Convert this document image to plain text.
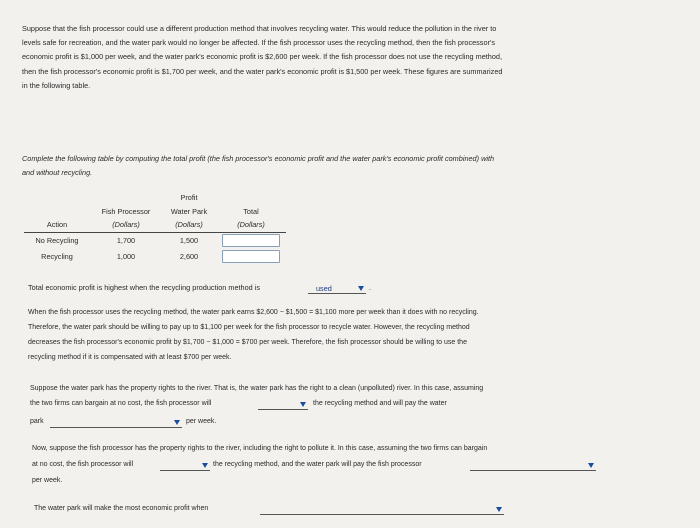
Suppose that the fish processor could use a different production method that involves recycling water. This would reduce the pollution in the river to
levels safe for recreation, and the water park would no longer be affected. If the fish processor uses the recycling method, then the fish processor's
economic profit is $1,000 per week, and the water park's economic profit is $2,600 per week. If the fish processor does not use the recycling method,
then the fish processor's economic profit is $1,700 per week, and the water park's economic profit is $1,500 per week. These figures are summarized
in the following table.
Complete the following table by computing the total profit (the fish processor's economic profit and the water park's economic profit combined) with
and without recycling.
		Profit	
	Fish Processor	Water Park	Total
Action	(Dollars)	(Dollars)	(Dollars)
No Recycling	1,700	1,500	
Recycling	1,000	2,600	
Total economic profit is highest when the recycling production method is	used	.
When the fish processor uses the recycling method, the water park earns $2,600 − $1,500 = $1,100 more per week than it does with no recycling.
Therefore, the water park should be willing to pay up to $1,100 per week for the fish processor to recycle water. However, the recycling method
decreases the fish processor's economic profit by $1,700 − $1,000 = $700 per week. Therefore, the fish processor should be willing to use the
recycling method if it is compensated with at least $700 per week.
Suppose the water park has the property rights to the river. That is, the water park has the right to a clean (unpolluted) river. In this case, assuming
the two firms can bargain at no cost, the fish processor will	the recycling method and will pay the water
park	per week.
Now, suppose the fish processor has the property rights to the river, including the right to pollute it. In this case, assuming the two firms can bargain
at no cost, the fish processor will	the recycling method, and the water park will pay the fish processor
per week.
The water park will make the most economic profit when
